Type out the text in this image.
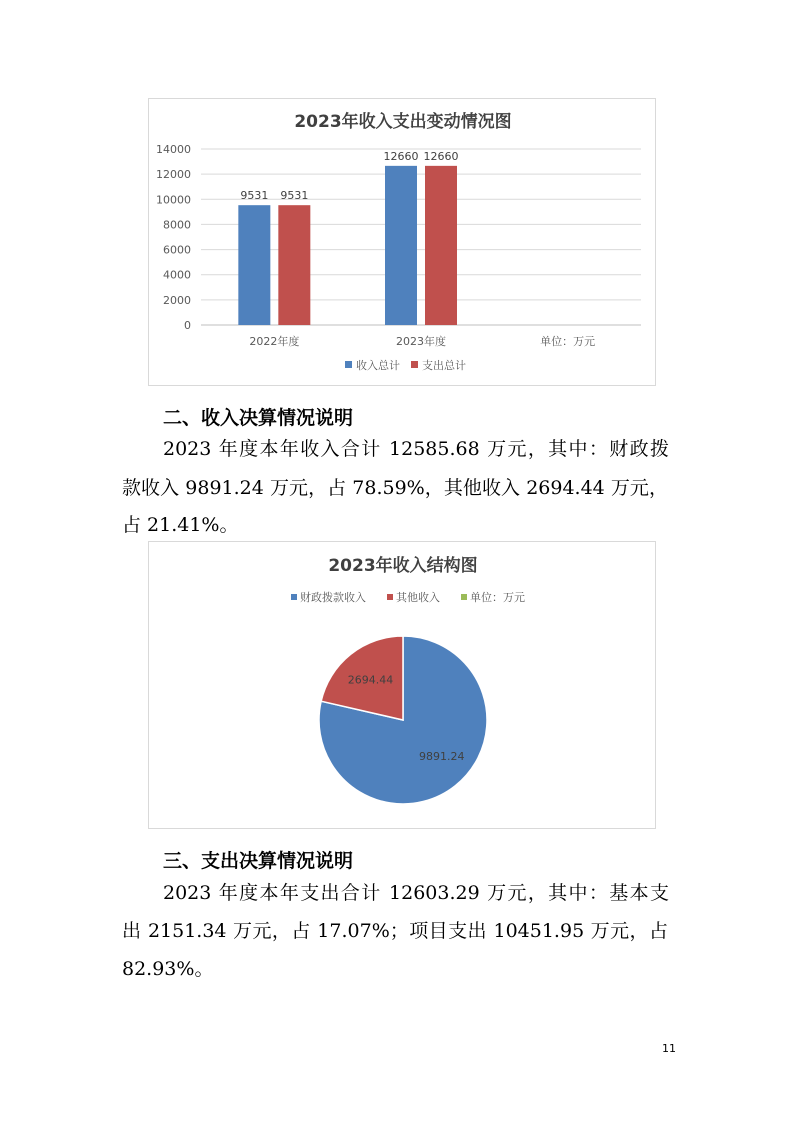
2023年收入支出变动情况图
0
2000
4000
6000
8000
10000
12000
14000
2022年度
9531 9531
2023年度
12660 12660
单位：万元
收入总计 支出总计
二、收入决算情况说明
2023 年度本年收入合计 12585.68 万元，其中：财政拨
款收入 9891.24 万元，占 78.59%，其他收入 2694.44 万元，
占 21.41%。
2023年收入结构图
财政拨款收入	其他收入	单位：万元
9891.24
2694.44
三、支出决算情况说明
2023 年度本年支出合计 12603.29 万元，其中：基本支
出 2151.34 万元，占 17.07%；项目支出 10451.95 万元，占
82.93%。
11
